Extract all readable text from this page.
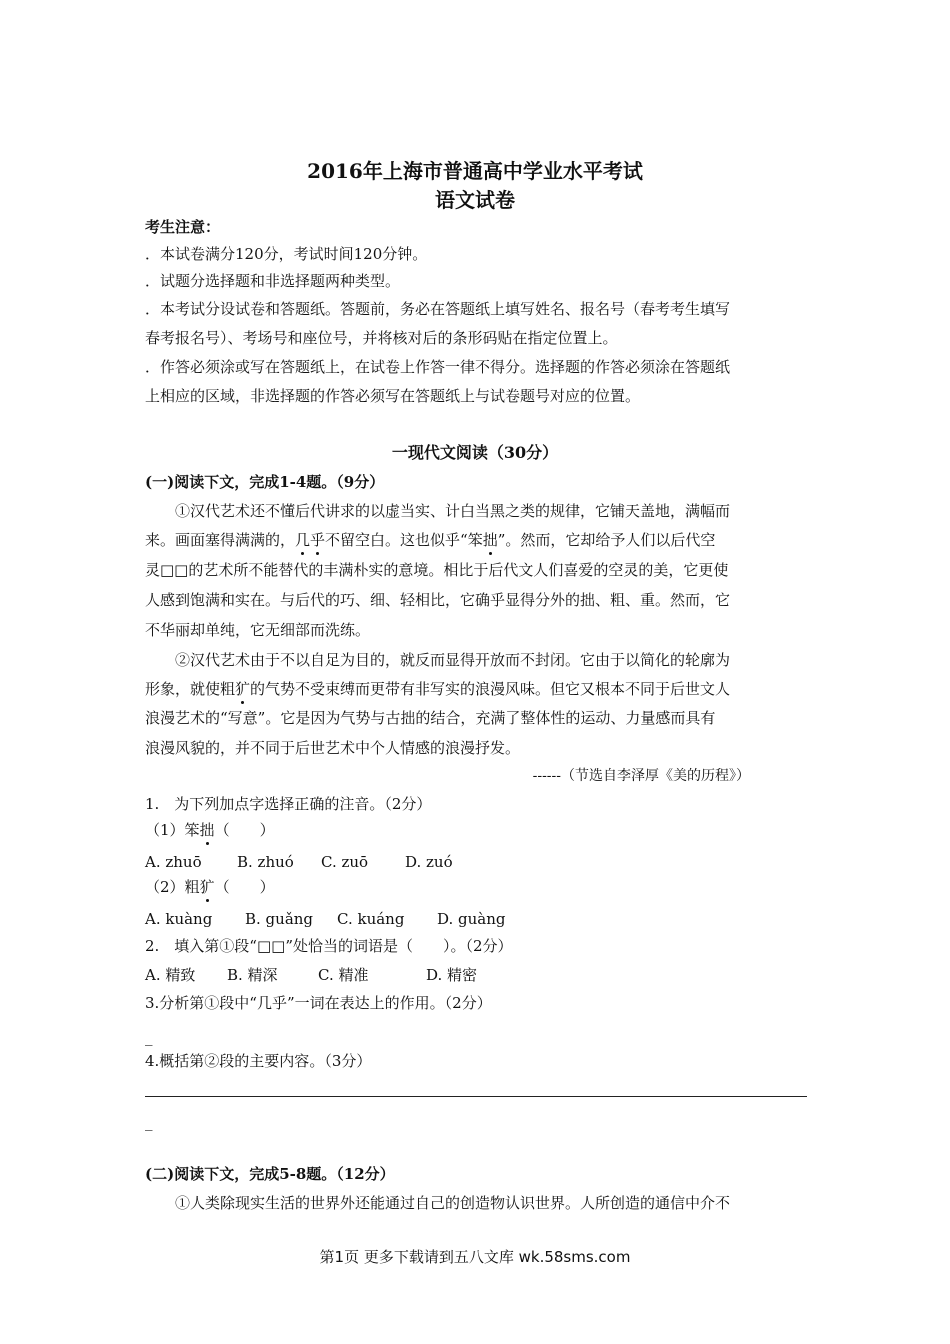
2016年上海市普通高中学业水平考试
语文试卷
考生注意：
．本试卷满分120分，考试时间120分钟。
．试题分选择题和非选择题两种类型。
．本考试分设试卷和答题纸。答题前，务必在答题纸上填写姓名、报名号（春考考生填写
春考报名号）、考场号和座位号，并将核对后的条形码贴在指定位置上。
．作答必须涂或写在答题纸上，在试卷上作答一律不得分。选择题的作答必须涂在答题纸
上相应的区域，非选择题的作答必须写在答题纸上与试卷题号对应的位置。
一现代文阅读（30分）
(一)阅读下文，完成1-4题。（9分）
①汉代艺术还不懂后代讲求的以虚当实、计白当黑之类的规律，它铺天盖地，满幅而
来。画面塞得满满的，几乎不留空白。这也似乎“笨拙”。然而，它却给予人们以后代空
灵□□的艺术所不能替代的丰满朴实的意境。相比于后代文人们喜爱的空灵的美，它更使
人感到饱满和实在。与后代的巧、细、轻相比，它确乎显得分外的拙、粗、重。然而，它
不华丽却单纯，它无细部而洗练。
②汉代艺术由于不以自足为目的，就反而显得开放而不封闭。它由于以简化的轮廓为
形象，就使粗犷的气势不受束缚而更带有非写实的浪漫风味。但它又根本不同于后世文人
浪漫艺术的“写意”。它是因为气势与古拙的结合，充满了整体性的运动、力量感而具有
浪漫风貌的，并不同于后世艺术中个人情感的浪漫抒发。
------（节选自李泽厚《美的历程》）
1.　为下列加点字选择正确的注音。（2分）
（1）笨拙（　　）
A. zhuō B. zhuó C. zuō D. zuó
（2）粗犷（　　）
A. kuàng B. guǎng C. kuáng D. guàng
2.　填入第①段“□□”处恰当的词语是（　　）。（2分）
A. 精致 B. 精深	C. 精准	D. 精密
3.分析第①段中“几乎”一词在表达上的作用。（2分）
_
4.概括第②段的主要内容。（3分）
_
(二)阅读下文，完成5-8题。（12分）
①人类除现实生活的世界外还能通过自己的创造物认识世界。人所创造的通信中介不
第1页 更多下载请到五八文库 wk.58sms.com
